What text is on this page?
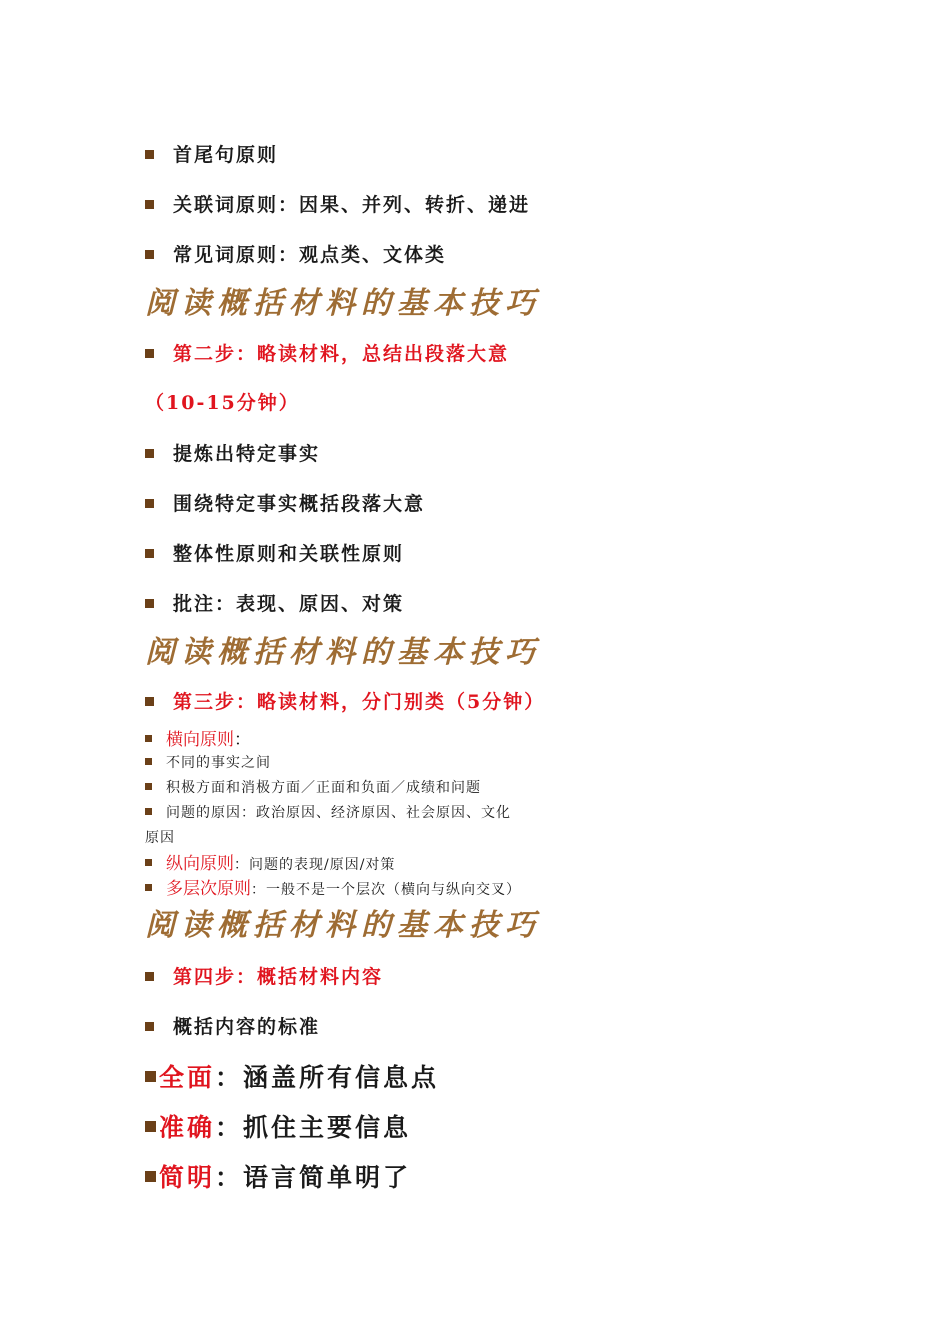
首尾句原则
关联词原则：因果、并列、转折、递进
常见词原则：观点类、文体类
阅读概括材料的基本技巧
第二步：略读材料，总结出段落大意
（10-15分钟）
提炼出特定事实
围绕特定事实概括段落大意
整体性原则和关联性原则
批注：表现、原因、对策
阅读概括材料的基本技巧
第三步：略读材料，分门别类（5分钟）
横向原则：
不同的事实之间
积极方面和消极方面／正面和负面／成绩和问题
问题的原因：政治原因、经济原因、社会原因、文化
原因
纵向原则：问题的表现/原因/对策
多层次原则：一般不是一个层次（横向与纵向交叉）
阅读概括材料的基本技巧
第四步：概括材料内容
概括内容的标准
全面：涵盖所有信息点
准确：抓住主要信息
简明：语言简单明了
